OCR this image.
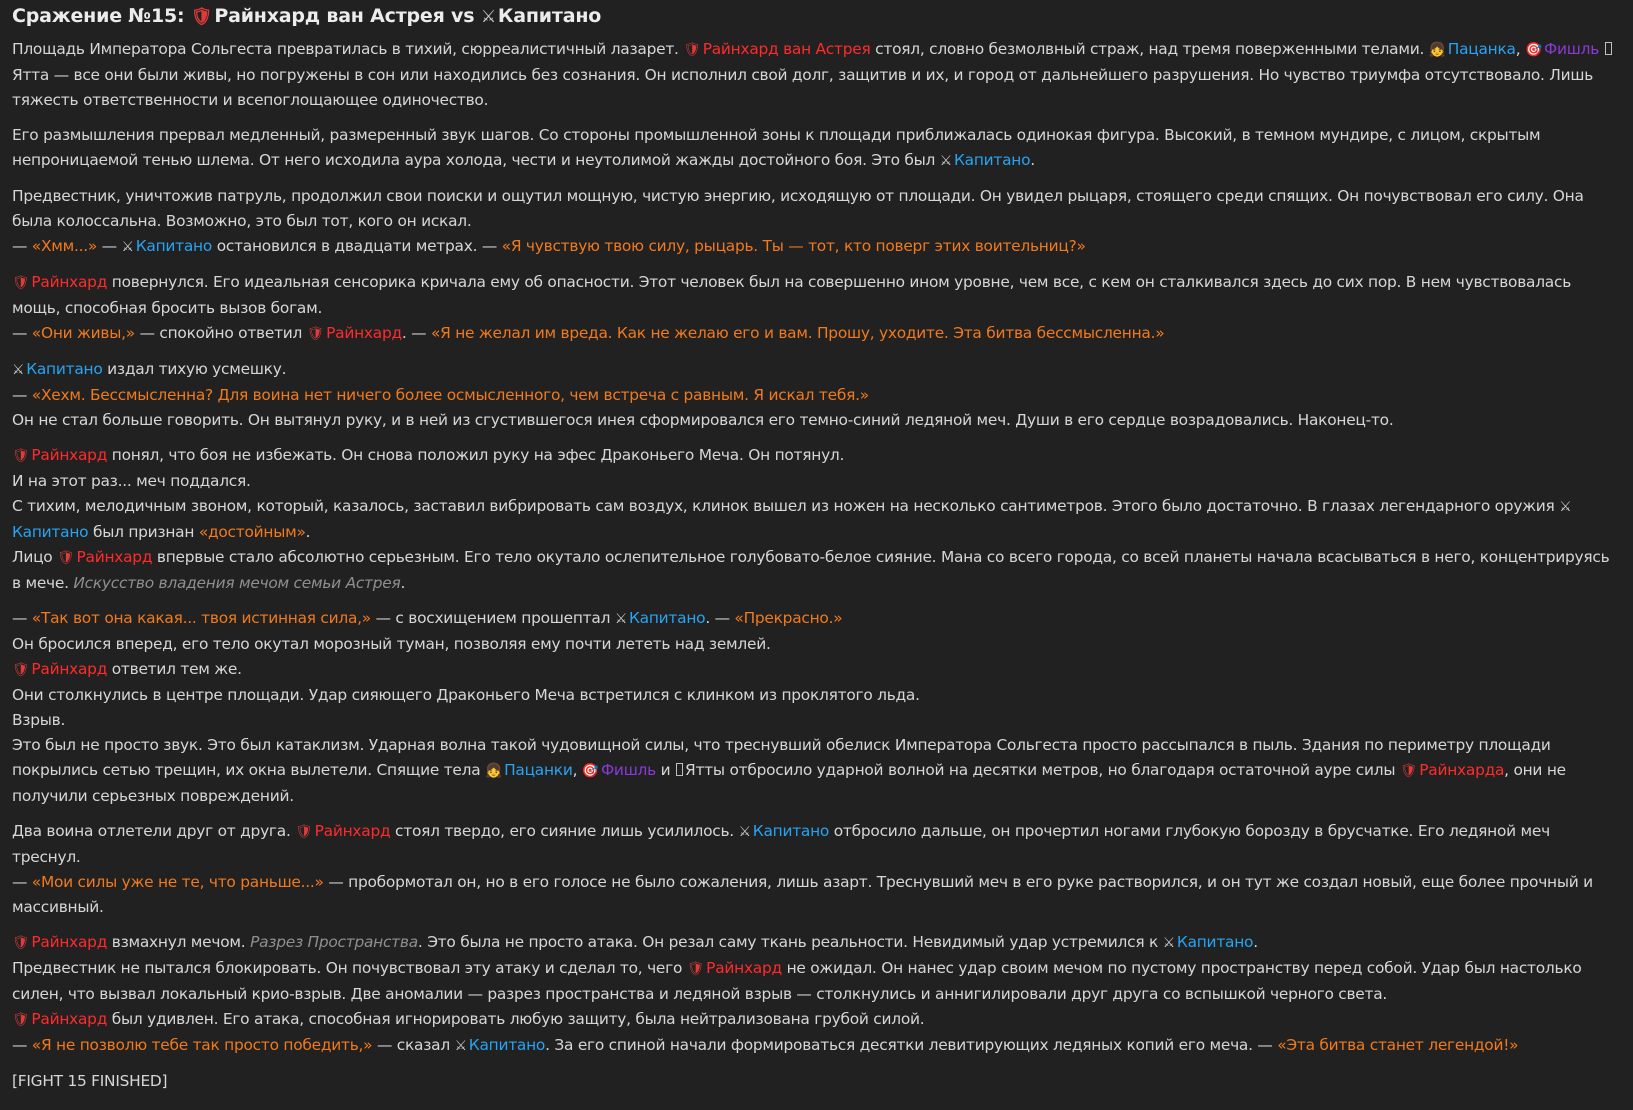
Сражение №15: 🛡 Райнхард ван Астрея vs ⚔ Капитано

Площадь Императора Сольгеста превратилась в тихий, сюрреалистичный лазарет. 🛡 Райнхард ван Астрея стоял, словно безмолвный страж, над тремя поверженными телами. 👧 Пацанка, 🎯 Фишль Ятта — все они были живы, но погружены в сон или находились без сознания. Он исполнил свой долг, защитив и их, и город от дальнейшего разрушения. Но чувство триумфа отсутствовало. Лишь тяжесть ответственности и всепоглощающее одиночество.

Его размышления прервал медленный, размеренный звук шагов. Со стороны промышленной зоны к площади приближалась одинокая фигура. Высокий, в темном мундире, с лицом, скрытым непроницаемой тенью шлема. От него исходила аура холода, чести и неутолимой жажды достойного боя. Это был ⚔ Капитано.

Предвестник, уничтожив патруль, продолжил свои поиски и ощутил мощную, чистую энергию, исходящую от площади. Он увидел рыцаря, стоящего среди спящих. Он почувствовал его силу. Она была колоссальна. Возможно, это был тот, кого он искал.
— «Хмм...» — ⚔ Капитано остановился в двадцати метрах. — «Я чувствую твою силу, рыцарь. Ты — тот, кто поверг этих воительниц?»

🛡 Райнхард повернулся. Его идеальная сенсорика кричала ему об опасности. Этот человек был на совершенно ином уровне, чем все, с кем он сталкивался здесь до сих пор. В нем чувствовалась мощь, способная бросить вызов богам.
— «Они живы,» — спокойно ответил 🛡 Райнхард. — «Я не желал им вреда. Как не желаю его и вам. Прошу, уходите. Эта битва бессмысленна.»

⚔ Капитано издал тихую усмешку.
— «Хехм. Бессмысленна? Для воина нет ничего более осмысленного, чем встреча с равным. Я искал тебя.»
Он не стал больше говорить. Он вытянул руку, и в ней из сгустившегося инея сформировался его темно-синий ледяной меч. Души в его сердце возрадовались. Наконец-то.

🛡 Райнхард понял, что боя не избежать. Он снова положил руку на эфес Драконьего Меча. Он потянул.
И на этот раз... меч поддался.
С тихим, мелодичным звоном, который, казалось, заставил вибрировать сам воздух, клинок вышел из ножен на несколько сантиметров. Этого было достаточно. В глазах легендарного оружия ⚔Капитано был признан «достойным».
Лицо 🛡 Райнхард впервые стало абсолютно серьезным. Его тело окутало ослепительное голубовато-белое сияние. Мана со всего города, со всей планеты начала всасываться в него, концентрируясь в мече. Искусство владения мечом семьи Астрея.

— «Так вот она какая... твоя истинная сила,» — с восхищением прошептал ⚔ Капитано. — «Прекрасно.»
Он бросился вперед, его тело окутал морозный туман, позволяя ему почти лететь над землей.
🛡 Райнхард ответил тем же.
Они столкнулись в центре площади. Удар сияющего Драконьего Меча встретился с клинком из проклятого льда.
Взрыв.
Это был не просто звук. Это был катаклизм. Ударная волна такой чудовищной силы, что треснувший обелиск Императора Сольгеста просто рассыпался в пыль. Здания по периметру площади покрылись сетью трещин, их окна вылетели. Спящие тела 👧 Пацанки, 🎯 Фишль и Ятты отбросило ударной волной на десятки метров, но благодаря остаточной ауре силы 🛡 Райнхарда, они не получили серьезных повреждений.

Два воина отлетели друг от друга. 🛡 Райнхард стоял твердо, его сияние лишь усилилось. ⚔ Капитано отбросило дальше, он прочертил ногами глубокую борозду в брусчатке. Его ледяной меч треснул.
— «Мои силы уже не те, что раньше...» — пробормотал он, но в его голосе не было сожаления, лишь азарт. Треснувший меч в его руке растворился, и он тут же создал новый, еще более прочный и массивный.

🛡 Райнхард взмахнул мечом. Разрез Пространства. Это была не просто атака. Он резал саму ткань реальности. Невидимый удар устремился к ⚔ Капитано.
Предвестник не пытался блокировать. Он почувствовал эту атаку и сделал то, чего 🛡 Райнхард не ожидал. Он нанес удар своим мечом по пустому пространству перед собой. Удар был настолько силен, что вызвал локальный крио-взрыв. Две аномалии — разрез пространства и ледяной взрыв — столкнулись и аннигилировали друг друга со вспышкой черного света.
🛡 Райнхард был удивлен. Его атака, способная игнорировать любую защиту, была нейтрализована грубой силой.
— «Я не позволю тебе так просто победить,» — сказал ⚔ Капитано. За его спиной начали формироваться десятки левитирующих ледяных копий его меча. — «Эта битва станет легендой!»

[FIGHT 15 FINISHED]
